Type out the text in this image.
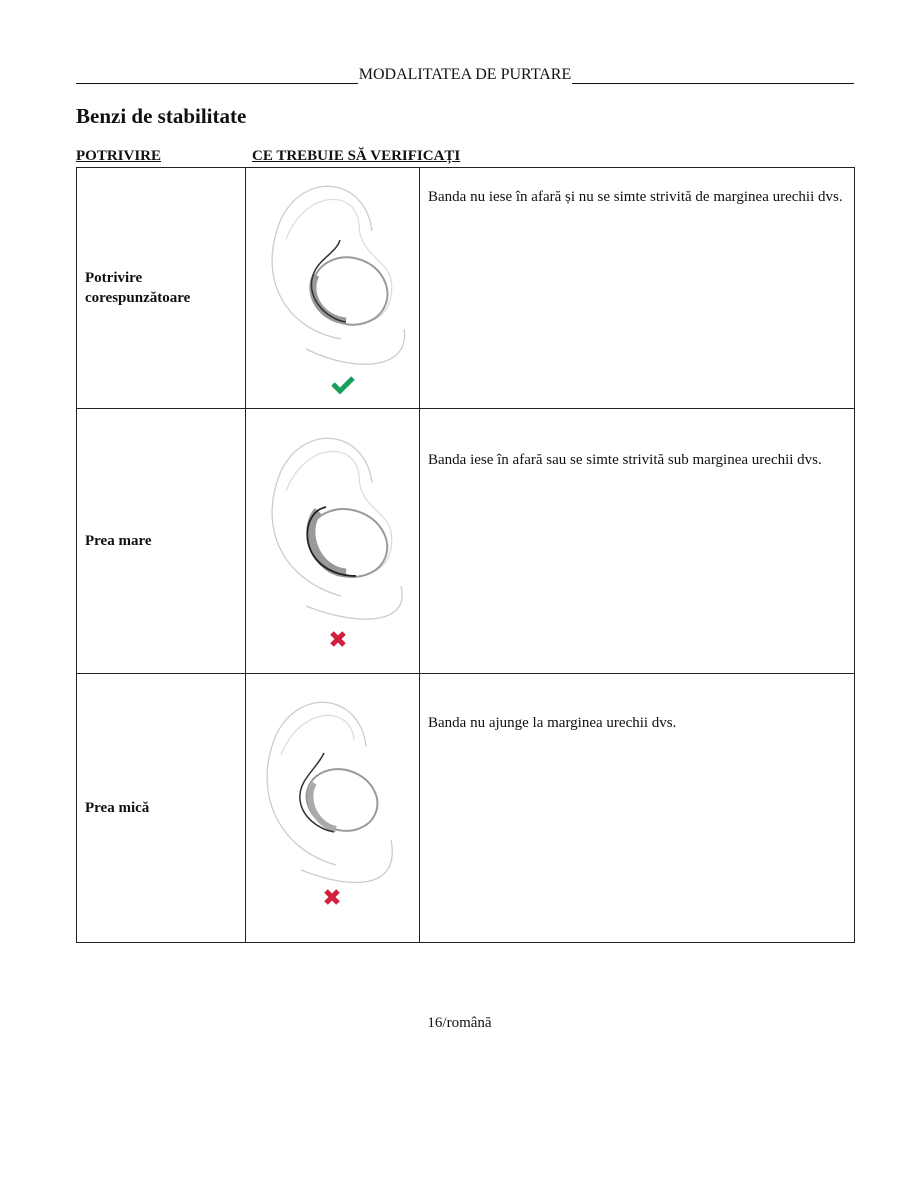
MODALITATEA DE PURTARE
Benzi de stabilitate
POTRIVIRE	CE TREBUIE SĂ VERIFICAȚI
Potrivire corespunzătoare		Banda nu iese în afară și nu se simte strivită de marginea urechii dvs.
Prea mare		Banda iese în afară sau se simte strivită sub marginea urechii dvs.
Prea mică		Banda nu ajunge la marginea urechii dvs.
16/română
